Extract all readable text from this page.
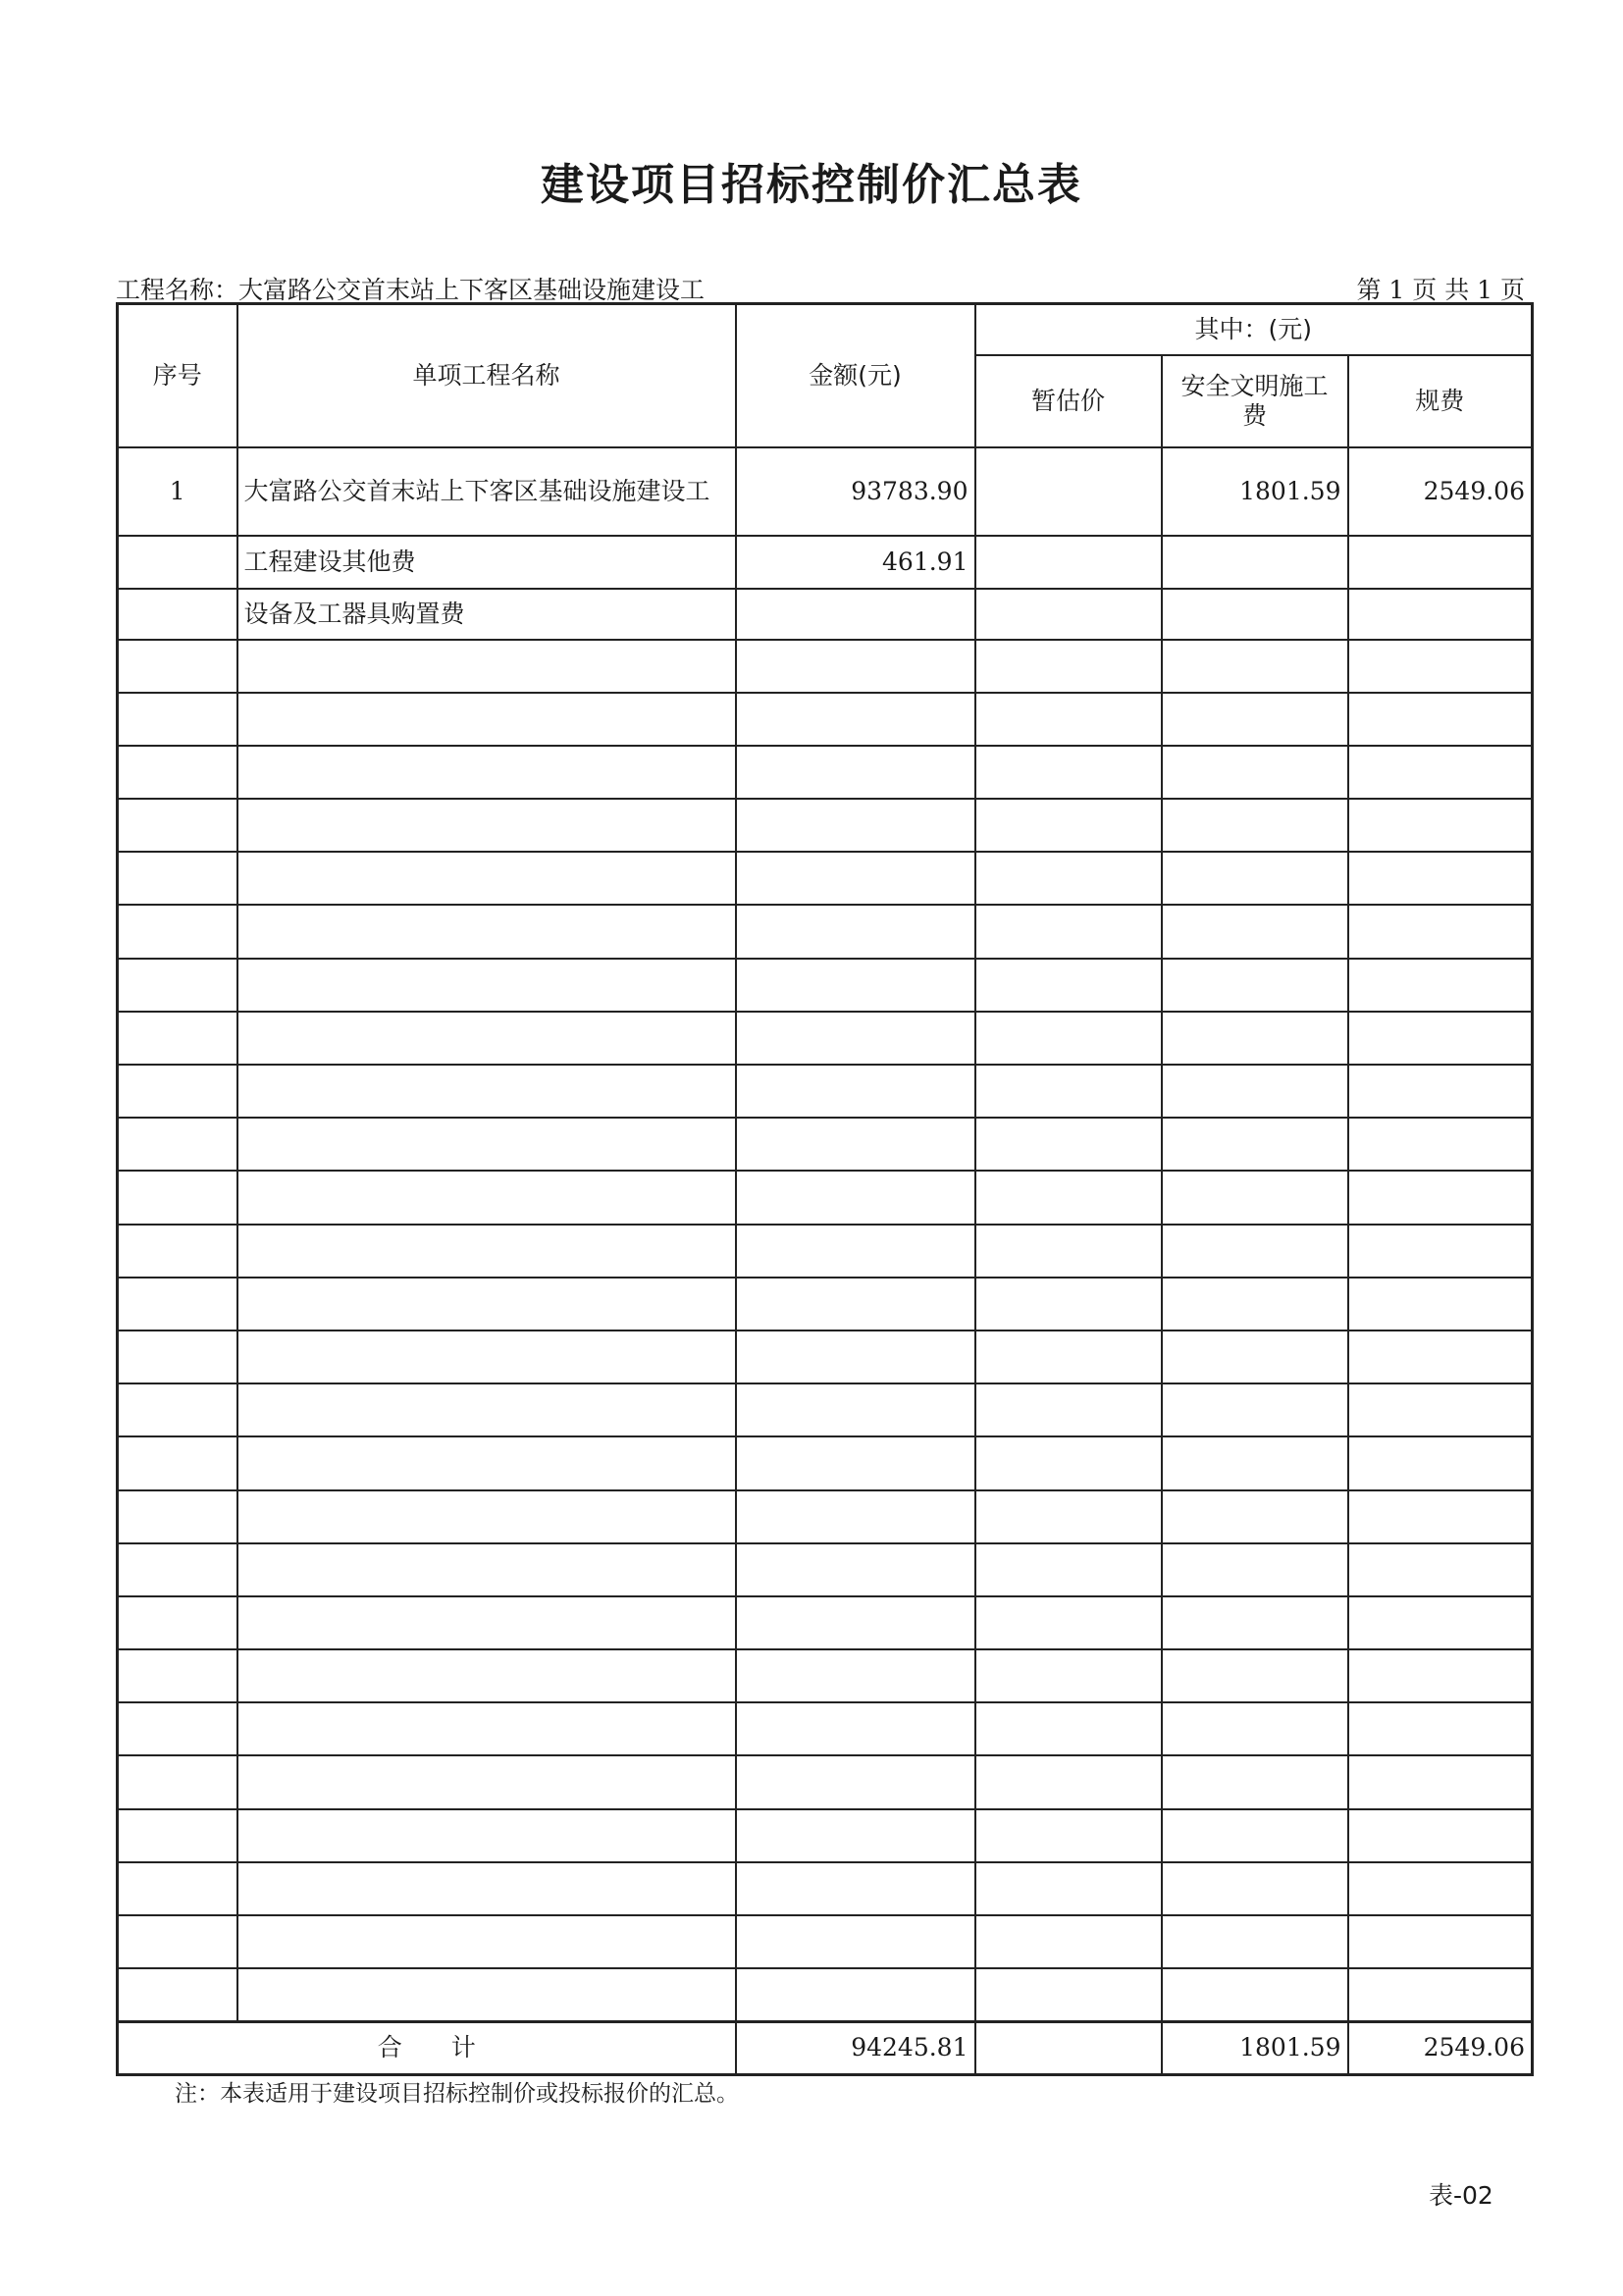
建设项目招标控制价汇总表
工程名称：大富路公交首末站上下客区基础设施建设工	第 1 页 共 1 页
序号	单项工程名称	金额(元)	其中：(元)		
			暂估价	安全文明施工费	规费
1	大富路公交首末站上下客区基础设施建设工	93783.90		1801.59	2549.06
	工程建设其他费	461.91			
	设备及工器具购置费				

合　　计		94245.81		1801.59	2549.06
注：本表适用于建设项目招标控制价或投标报价的汇总。
表-02
